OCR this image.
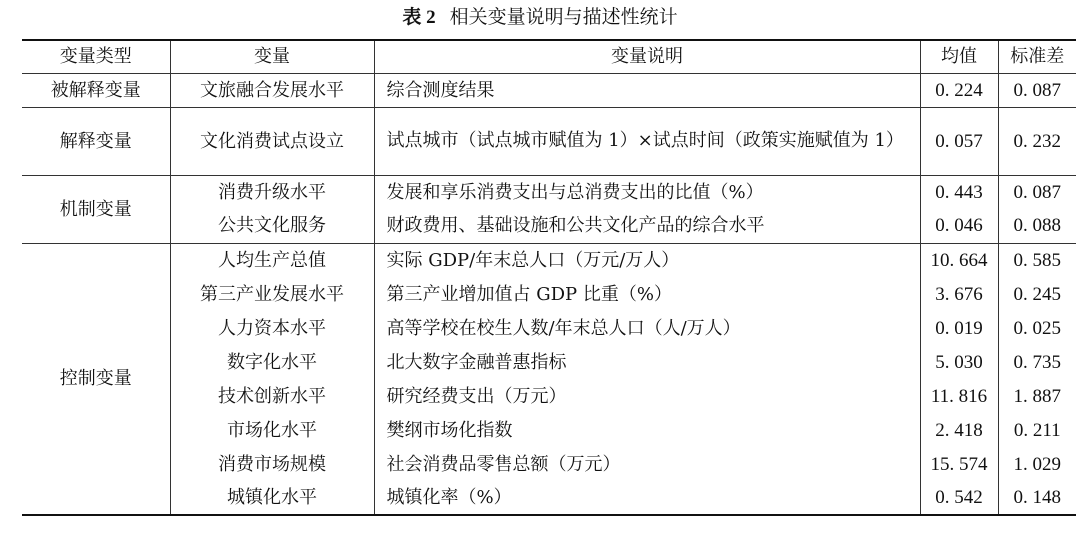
表 2 相关变量说明与描述性统计
变量类型	变量	变量说明	均值	标准差
被解释变量	文旅融合发展水平	综合测度结果	0. 224	0. 087
解释变量	文化消费试点设立	试点城市（试点城市赋值为 1）×试点时间（政策实施赋值为 1）	0. 057	0. 232
机制变量	消费升级水平	发展和享乐消费支出与总消费支出的比值（%）	0. 443	0. 087
	公共文化服务	财政费用、基础设施和公共文化产品的综合水平	0. 046	0. 088
控制变量	人均生产总值	实际 GDP/年末总人口（万元/万人）	10. 664	0. 585
	第三产业发展水平	第三产业增加值占 GDP 比重（%）	3. 676	0. 245
	人力资本水平	高等学校在校生人数/年末总人口（人/万人）	0. 019	0. 025
	数字化水平	北大数字金融普惠指标	5. 030	0. 735
	技术创新水平	研究经费支出（万元）	11. 816	1. 887
	市场化水平	樊纲市场化指数	2. 418	0. 211
	消费市场规模	社会消费品零售总额（万元）	15. 574	1. 029
	城镇化水平	城镇化率（%）	0. 542	0. 148
